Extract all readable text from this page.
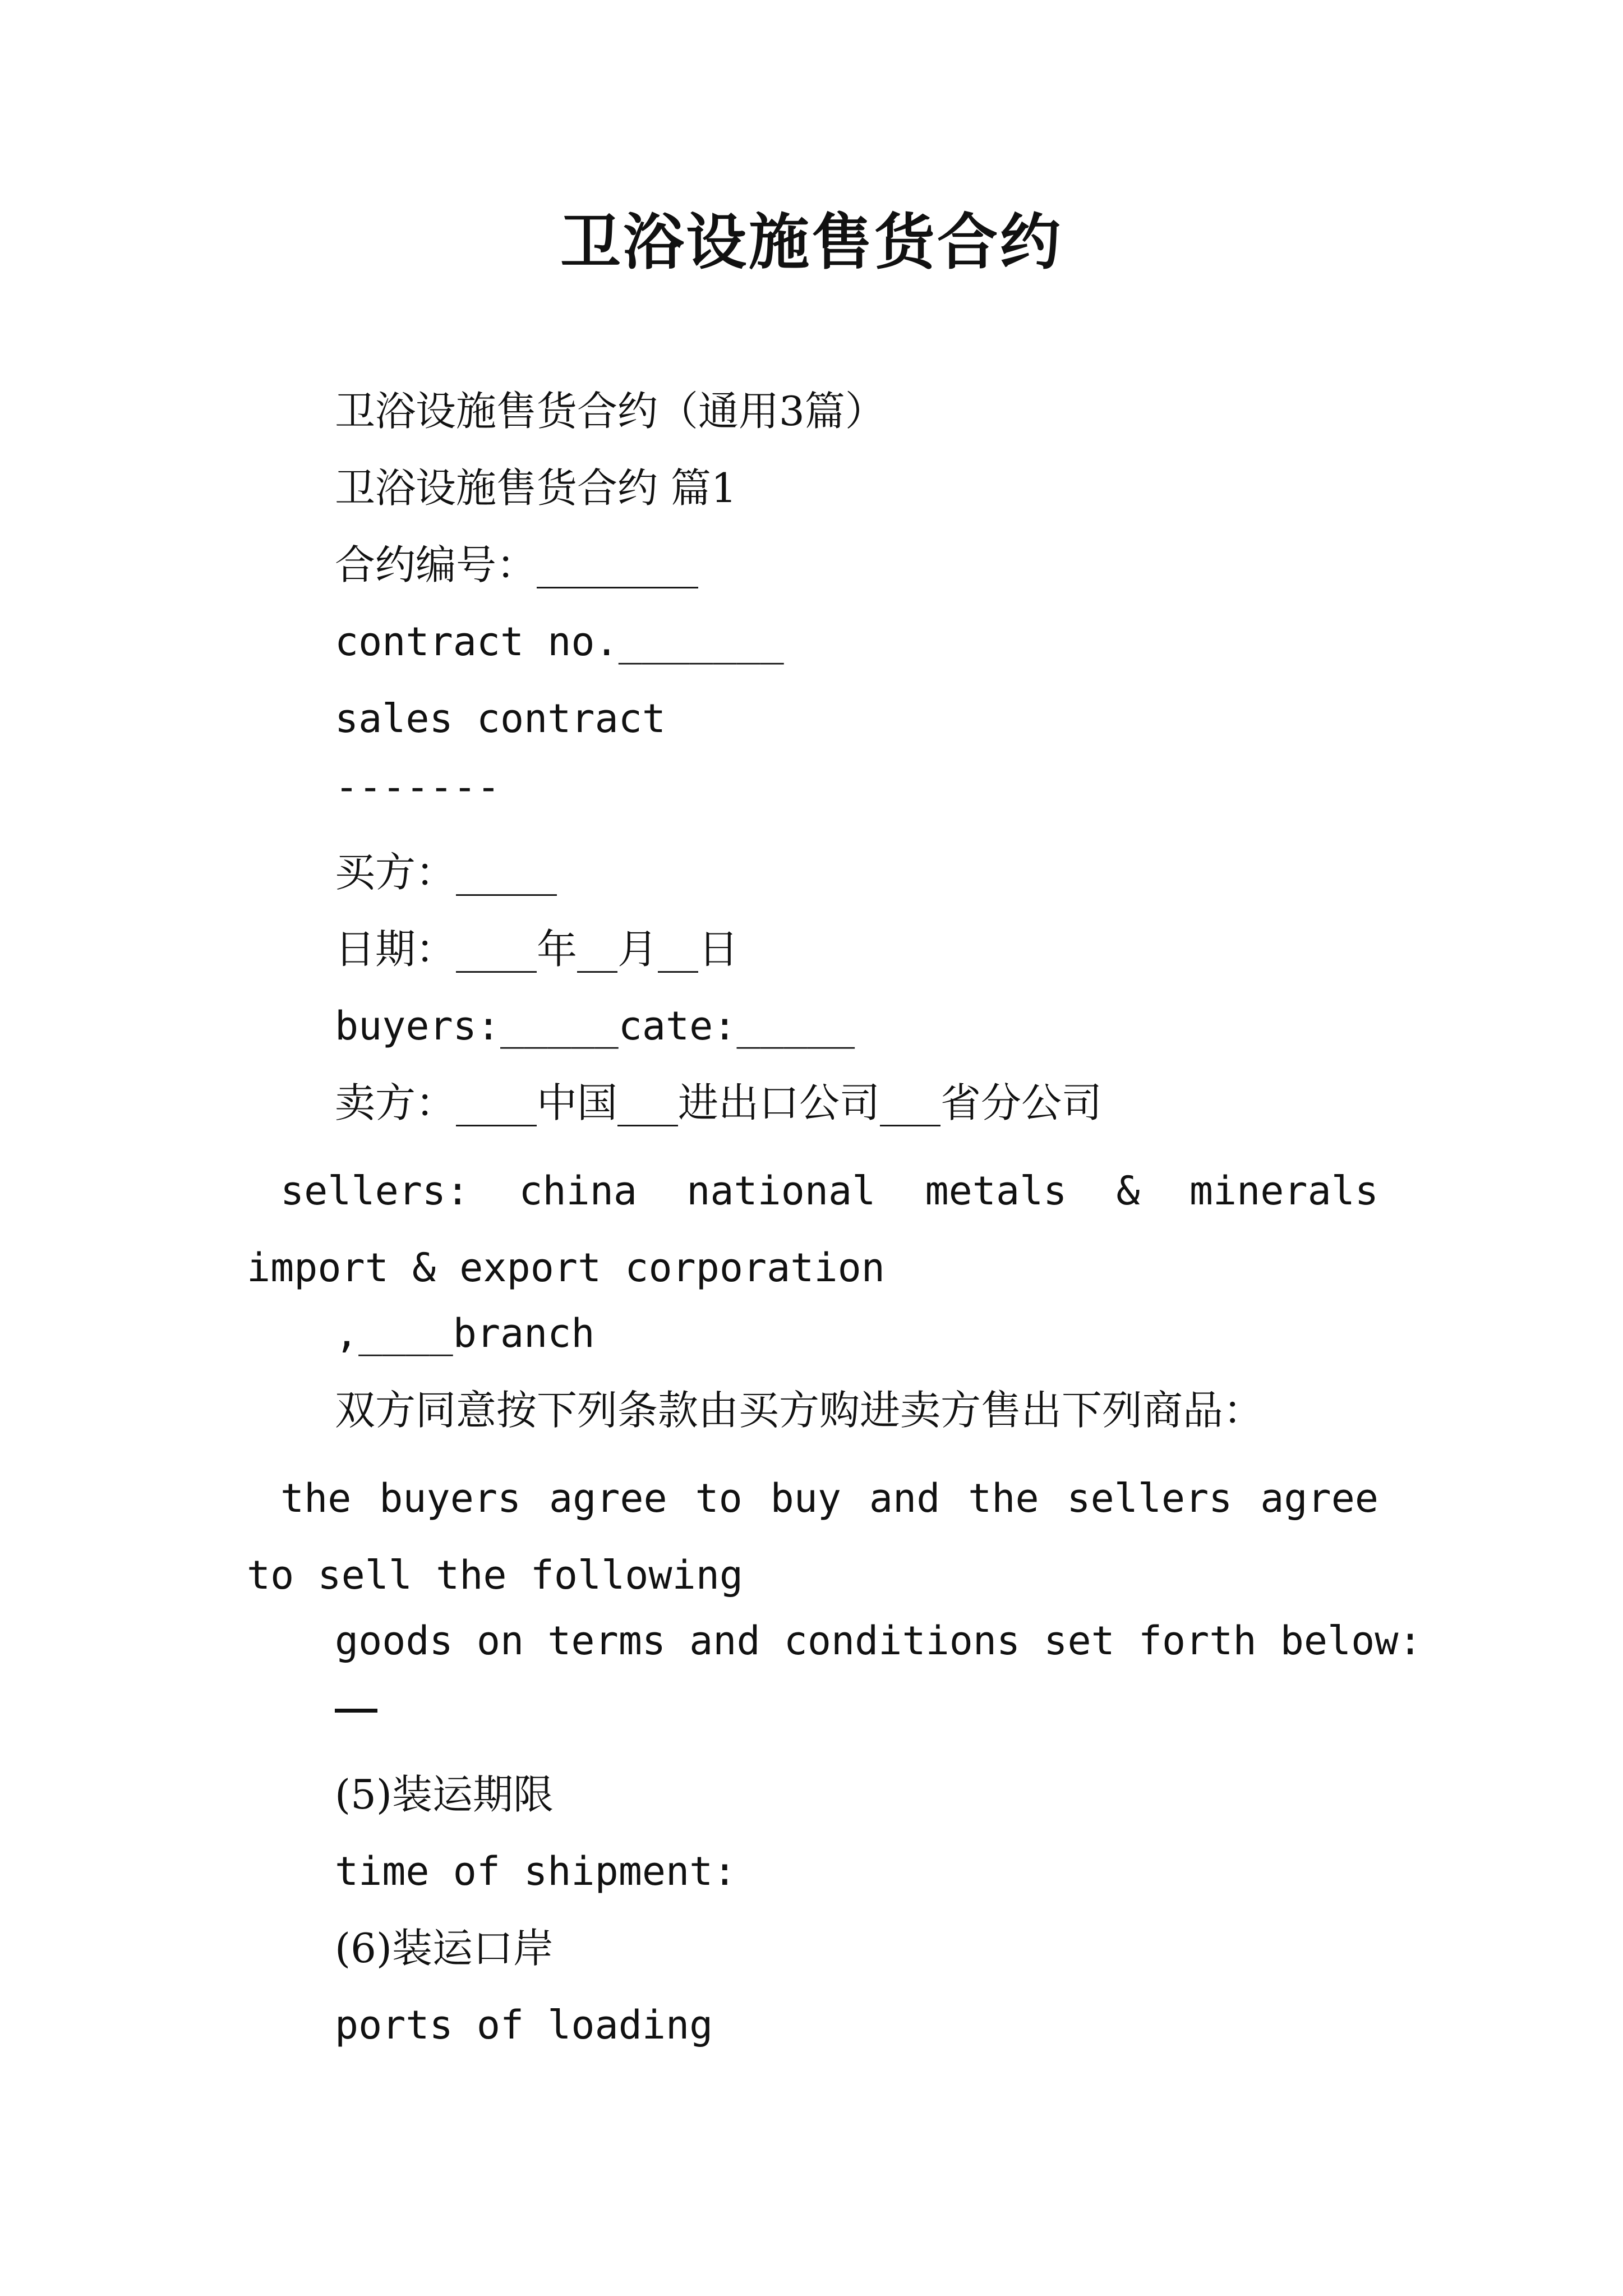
卫浴设施售货合约
卫浴设施售货合约（通用3篇）
卫浴设施售货合约 篇1
合约编号：________
contract no._______
sales contract
-------
买方：_____
日期：____年__月__日
buyers:_____cate:_____
卖方：____中国___进出口公司___省分公司
sellers: china national metals & minerals
import & export corporation
,____branch
双方同意按下列条款由买方购进卖方售出下列商品：
the buyers agree to buy and the sellers agree
to sell the following
goods on terms and conditions set forth below:
(5)装运期限
time of shipment:
(6)装运口岸
ports of loading
